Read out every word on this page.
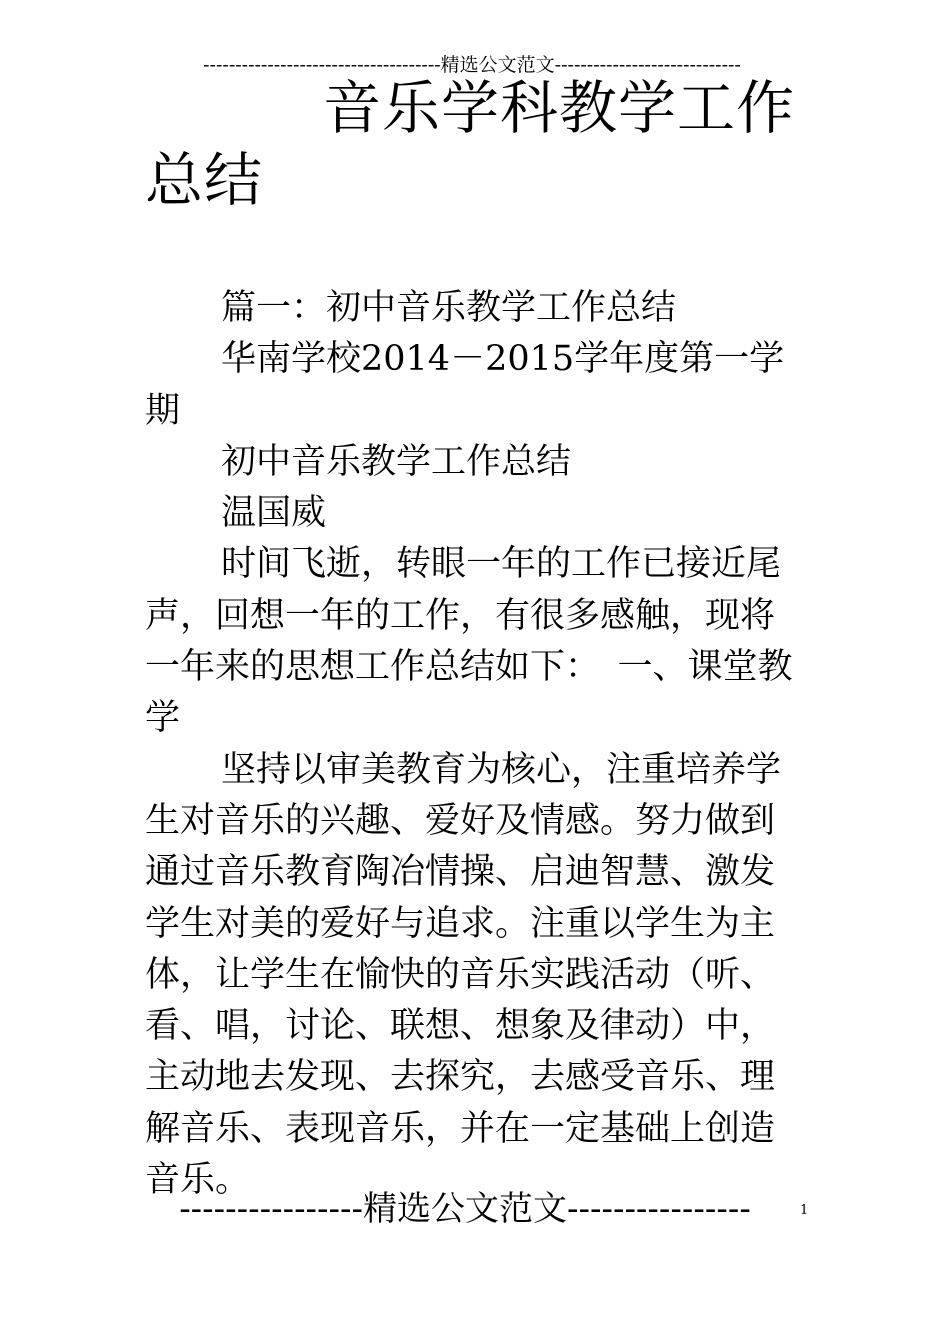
-------------------------------------精选公文范文-----------------------------
音乐学科教学工作
总结

篇一：初中音乐教学工作总结

华南学校2014－2015学年度第一学期

初中音乐教学工作总结

温国威

时间飞逝，转眼一年的工作已接近尾声，回想一年的工作，有很多感触，现将一年来的思想工作总结如下：　一、课堂教学

坚持以审美教育为核心，注重培养学生对音乐的兴趣、爱好及情感。努力做到通过音乐教育陶冶情操、启迪智慧、激发学生对美的爱好与追求。注重以学生为主体，让学生在愉快的音乐实践活动（听、看、唱，讨论、联想、想象及律动）中，主动地去发现、去探究，去感受音乐、理解音乐、表现音乐，并在一定基础上创造音乐。

----------------精选公文范文----------------	1
